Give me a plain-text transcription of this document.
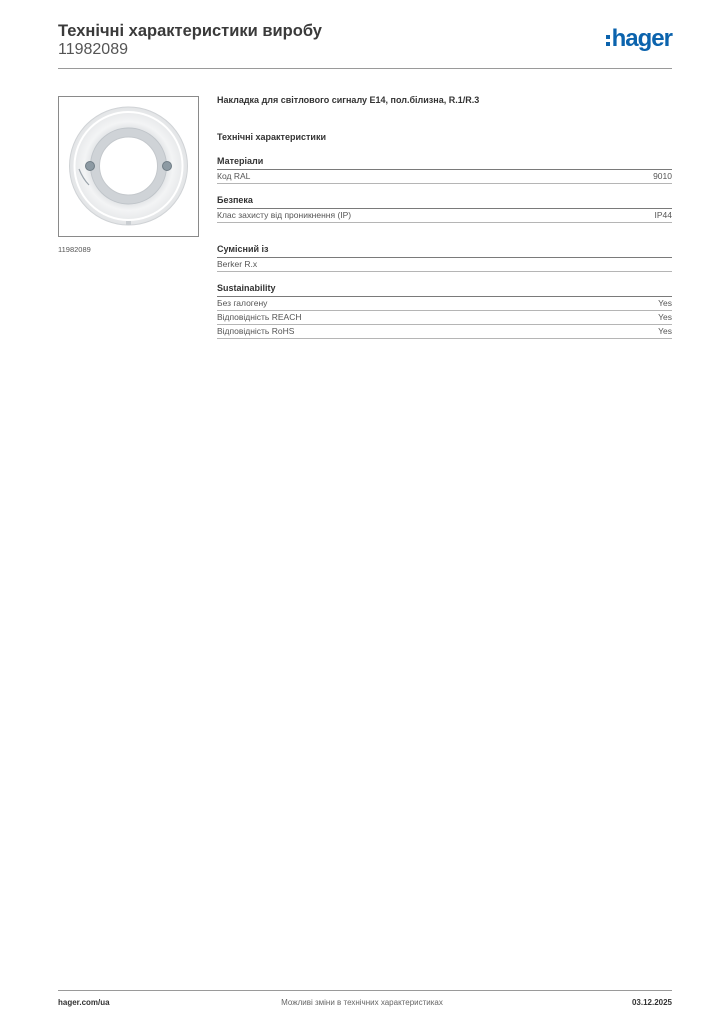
Технічні характеристики виробу
11982089	hager
11982089
Накладка для світлового сигналу E14, пол.білизна, R.1/R.3
Технічні характеристики
Матеріали
Код RAL	9010
Безпека
Клас захисту від проникнення (IP)	IP44
Сумісний із
Berker R.x
Sustainability
Без галогену	Yes
Відповідність REACH	Yes
Відповідність RoHS	Yes
hager.com/ua	Можливі зміни в технічних характеристиках	03.12.2025
